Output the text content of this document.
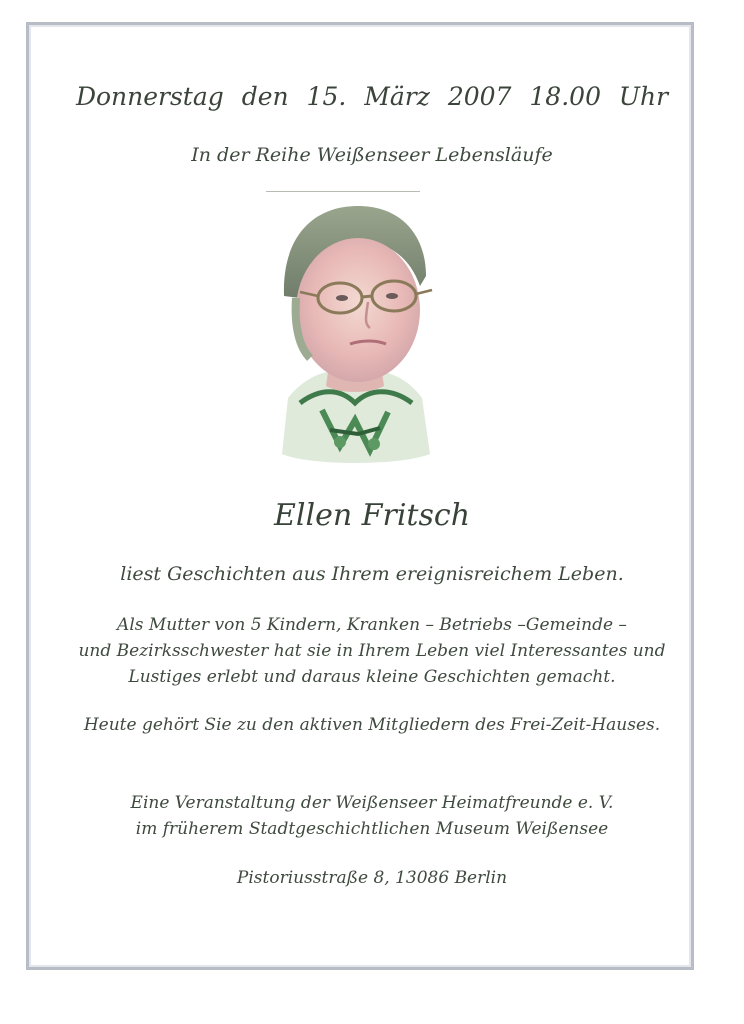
Donnerstag den 15. März 2007 18.00 Uhr
In der Reihe Weißenseer Lebensläufe
Ellen Fritsch
liest Geschichten aus Ihrem ereignisreichem Leben.
Als Mutter von 5 Kindern, Kranken – Betriebs –Gemeinde –
und Bezirksschwester hat sie in Ihrem Leben viel Interessantes und
Lustiges erlebt und daraus kleine Geschichten gemacht.
Heute gehört Sie zu den aktiven Mitgliedern des Frei-Zeit-Hauses.
Eine Veranstaltung der Weißenseer Heimatfreunde e. V.
im früherem Stadtgeschichtlichen Museum Weißensee
Pistoriusstraße 8, 13086 Berlin
